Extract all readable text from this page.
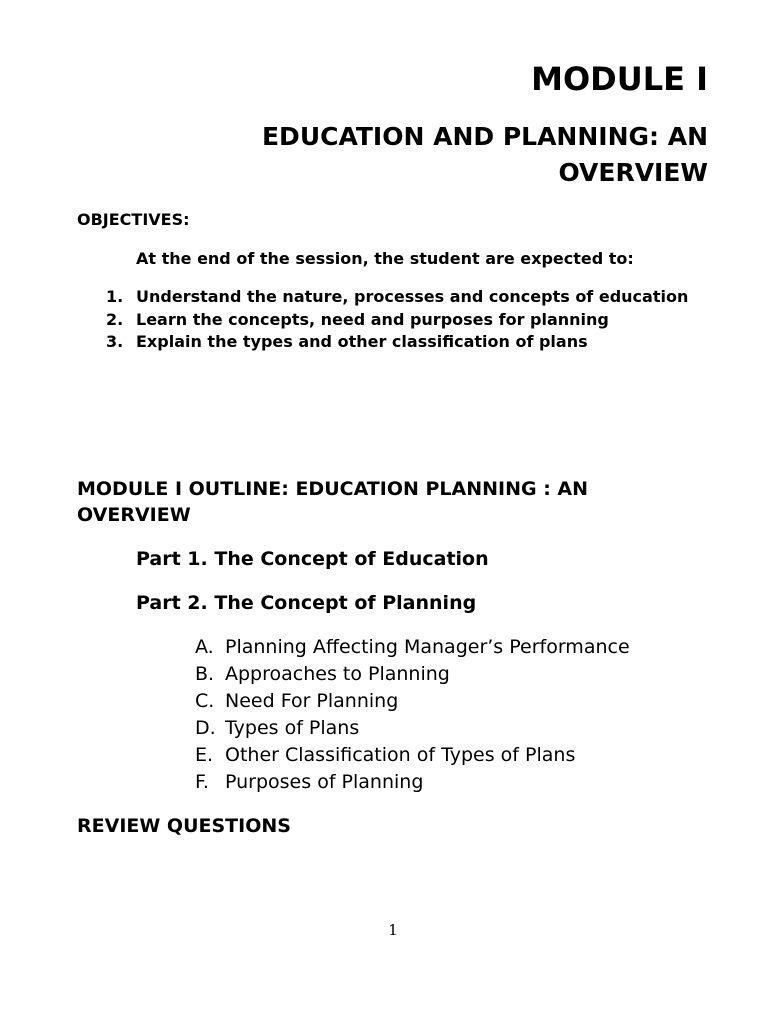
MODULE I
EDUCATION AND PLANNING: AN OVERVIEW
OBJECTIVES:
At the end of the session, the student are expected to:
1. Understand the nature, processes and concepts of education
2. Learn the concepts, need and purposes for planning
3. Explain the types and other classification of plans
MODULE I OUTLINE: EDUCATION PLANNING : AN OVERVIEW
Part 1. The Concept of Education
Part 2. The Concept of Planning
A. Planning Affecting Manager’s Performance
B. Approaches to Planning
C. Need For Planning
D. Types of Plans
E. Other Classification of Types of Plans
F. Purposes of Planning
REVIEW QUESTIONS
1
